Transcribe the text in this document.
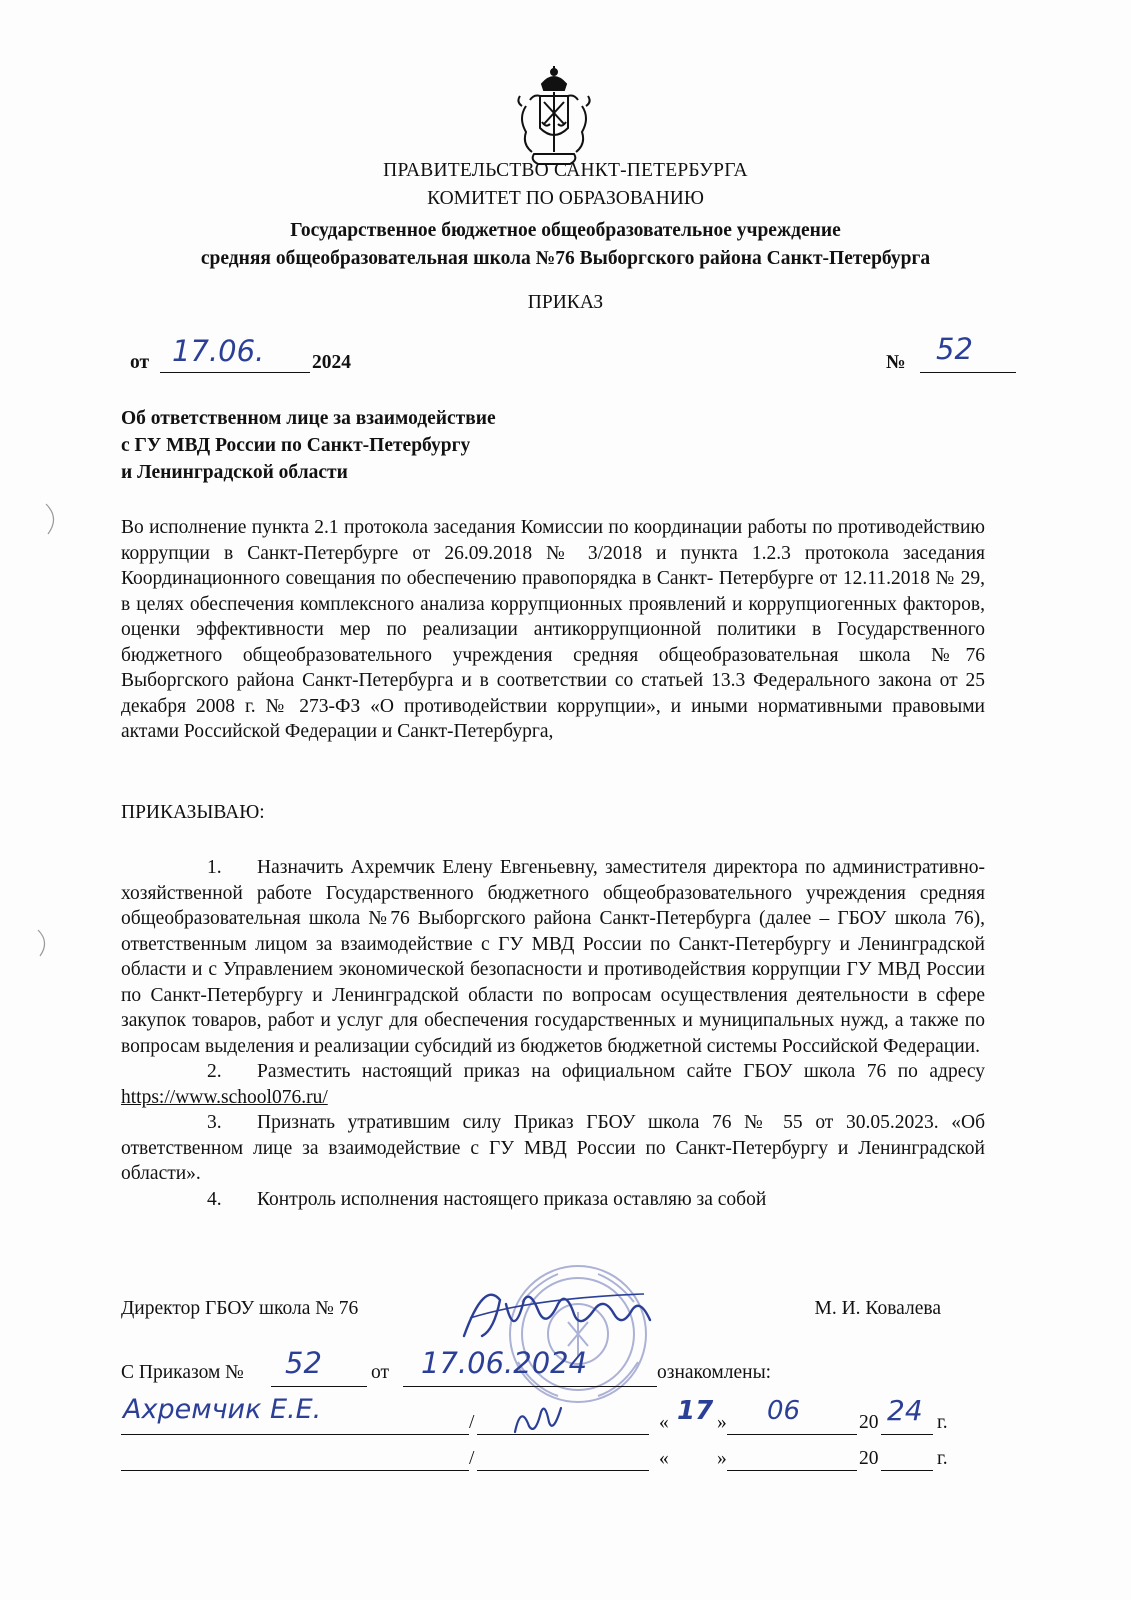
ПРАВИТЕЛЬСТВО САНКТ-ПЕТЕРБУРГА
КОМИТЕТ ПО ОБРАЗОВАНИЮ
Государственное бюджетное общеобразовательное учреждение
средняя общеобразовательная школа №76 Выборгского района Санкт-Петербурга
ПРИКАЗ
от 17.06. 2024	№ 52
Об ответственном лице за взаимодействие
с ГУ МВД России по Санкт-Петербургу
и Ленинградской области

Во исполнение пункта 2.1 протокола заседания Комиссии по координации работы по противодействию коррупции в Санкт-Петербурге от 26.09.2018 № 3/2018 и пункта 1.2.3 протокола заседания Координационного совещания по обеспечению правопорядка в Санкт- Петербурге от 12.11.2018 № 29, в целях обеспечения комплексного анализа коррупционных проявлений и коррупциогенных факторов, оценки эффективности мер по реализации антикоррупционной политики в Государственного бюджетного общеобразовательного учреждения средняя общеобразовательная школа №76 Выборгского района Санкт-Петербурга и в соответствии со статьей 13.3 Федерального закона от 25 декабря 2008 г. № 273-ФЗ «О противодействии коррупции», и иными нормативными правовыми актами Российской Федерации и Санкт-Петербурга,

ПРИКАЗЫВАЮ:

1. Назначить Ахремчик Елену Евгеньевну, заместителя директора по административно-хозяйственной работе Государственного бюджетного общеобразовательного учреждения средняя общеобразовательная школа №76 Выборгского района Санкт-Петербурга (далее – ГБОУ школа 76), ответственным лицом за взаимодействие с ГУ МВД России по Санкт-Петербургу и Ленинградской области и с Управлением экономической безопасности и противодействия коррупции ГУ МВД России по Санкт-Петербургу и Ленинградской области по вопросам осуществления деятельности в сфере закупок товаров, работ и услуг для обеспечения государственных и муниципальных нужд, а также по вопросам выделения и реализации субсидий из бюджетов бюджетной системы Российской Федерации.

2. Разместить настоящий приказ на официальном сайте ГБОУ школа 76 по адресу https://www.school076.ru/

3. Признать утратившим силу Приказ ГБОУ школа 76 № 55 от 30.05.2023. «Об ответственном лице за взаимодействие с ГУ МВД России по Санкт-Петербургу и Ленинградской области».

4. Контроль исполнения настоящего приказа оставляю за собой

Директор ГБОУ школа № 76	М. И. Ковалева
С Приказом № 52	от 17.06.2024	ознакомлены:
Ахремчик Е.Е.	/	« 17 » 06	20 24 г.
/	« »	20	г.
